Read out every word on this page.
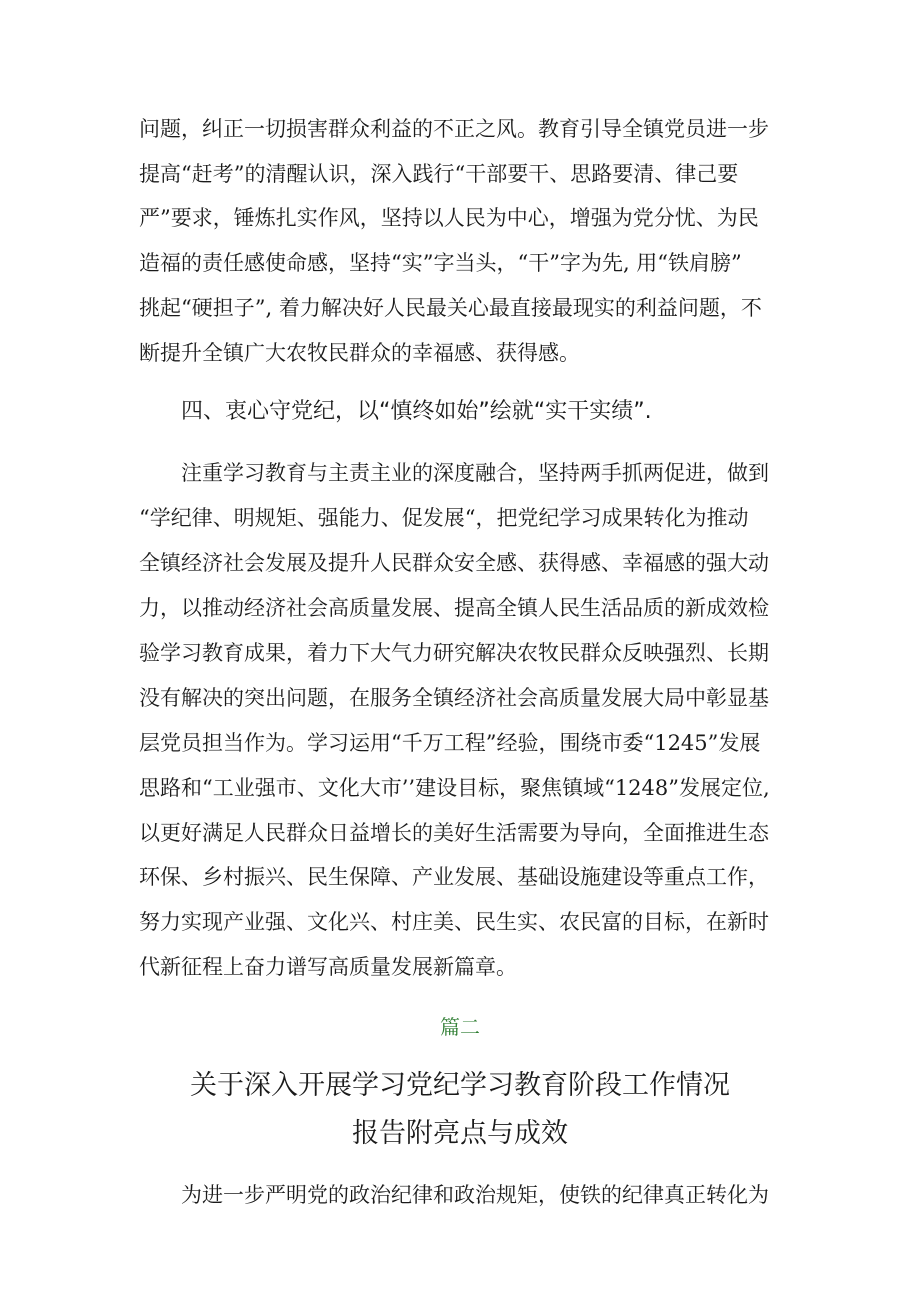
问题，纠正一切损害群众利益的不正之风。教育引导全镇党员进一步

提高“赶考”的清醒认识，深入践行“干部要干、思路要清、律己要

严”要求，锤炼扎实作风，坚持以人民为中心，增强为党分忧、为民

造福的责任感使命感，坚持“实”字当头，“干”字为先, 用“铁肩膀”

挑起“硬担子”, 着力解决好人民最关心最直接最现实的利益问题，不

断提升全镇广大农牧民群众的幸福感、获得感。

四、衷心守党纪，以“慎终如始”绘就“实干实绩”.

注重学习教育与主责主业的深度融合，坚持两手抓两促进，做到

“学纪律、明规矩、强能力、促发展“，把党纪学习成果转化为推动

全镇经济社会发展及提升人民群众安全感、获得感、幸福感的强大动

力，以推动经济社会高质量发展、提高全镇人民生活品质的新成效检

验学习教育成果，着力下大气力研究解决农牧民群众反映强烈、长期

没有解决的突出问题，在服务全镇经济社会高质量发展大局中彰显基

层党员担当作为。学习运用“千万工程”经验，围绕市委“1245”发展

思路和“工业强市、文化大市’’建设目标，聚焦镇域“1248”发展定位,

以更好满足人民群众日益增长的美好生活需要为导向，全面推进生态

环保、乡村振兴、民生保障、产业发展、基础设施建设等重点工作，

努力实现产业强、文化兴、村庄美、民生实、农民富的目标，在新时

代新征程上奋力谱写高质量发展新篇章。

篇二
关于深入开展学习党纪学习教育阶段工作情况
报告附亮点与成效

为进一步严明党的政治纪律和政治规矩，使铁的纪律真正转化为
